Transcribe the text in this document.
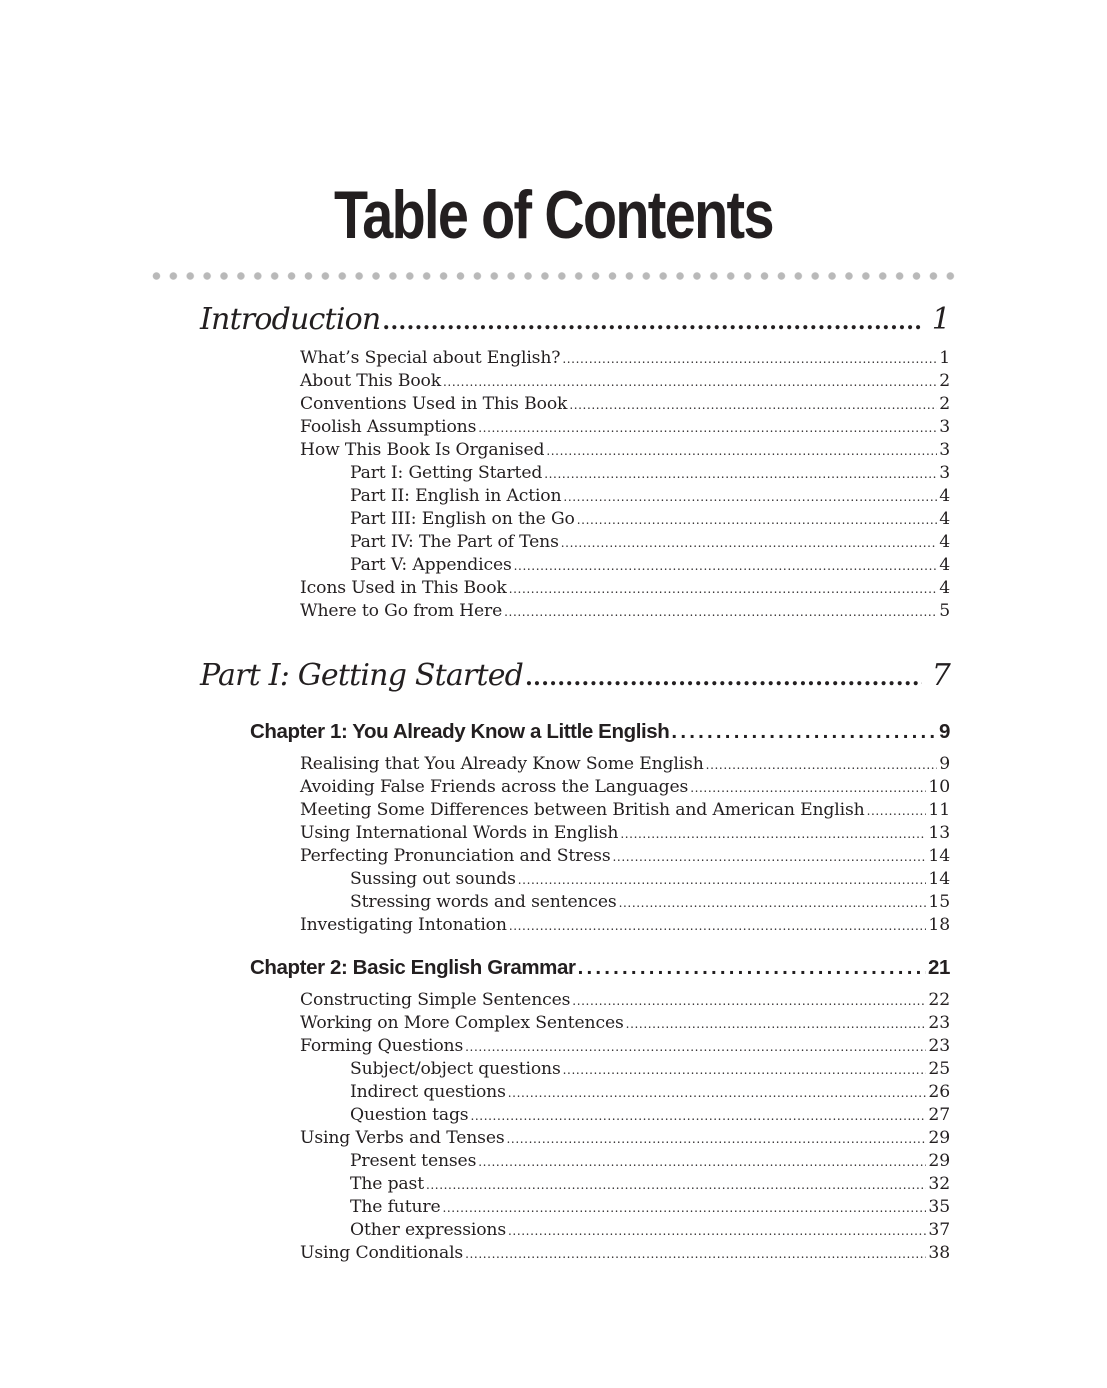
Table of Contents
Introduction .....	1
What’s Special about English? .....	1
About This Book .....	2
Conventions Used in This Book .....	2
Foolish Assumptions .....	3
How This Book Is Organised .....	3
Part I: Getting Started .....	3
Part II: English in Action .....	4
Part III: English on the Go .....	4
Part IV: The Part of Tens .....	4
Part V: Appendices .....	4
Icons Used in This Book .....	4
Where to Go from Here .....	5
Part I: Getting Started .....	7
Chapter 1: You Already Know a Little English .....	9
Realising that You Already Know Some English .....	9
Avoiding False Friends across the Languages .....	10
Meeting Some Differences between British and American English .....	11
Using International Words in English .....	13
Perfecting Pronunciation and Stress .....	14
Sussing out sounds .....	14
Stressing words and sentences .....	15
Investigating Intonation .....	18
Chapter 2: Basic English Grammar .....	21
Constructing Simple Sentences .....	22
Working on More Complex Sentences .....	23
Forming Questions .....	23
Subject/object questions .....	25
Indirect questions .....	26
Question tags .....	27
Using Verbs and Tenses .....	29
Present tenses .....	29
The past .....	32
The future .....	35
Other expressions .....	37
Using Conditionals .....	38
